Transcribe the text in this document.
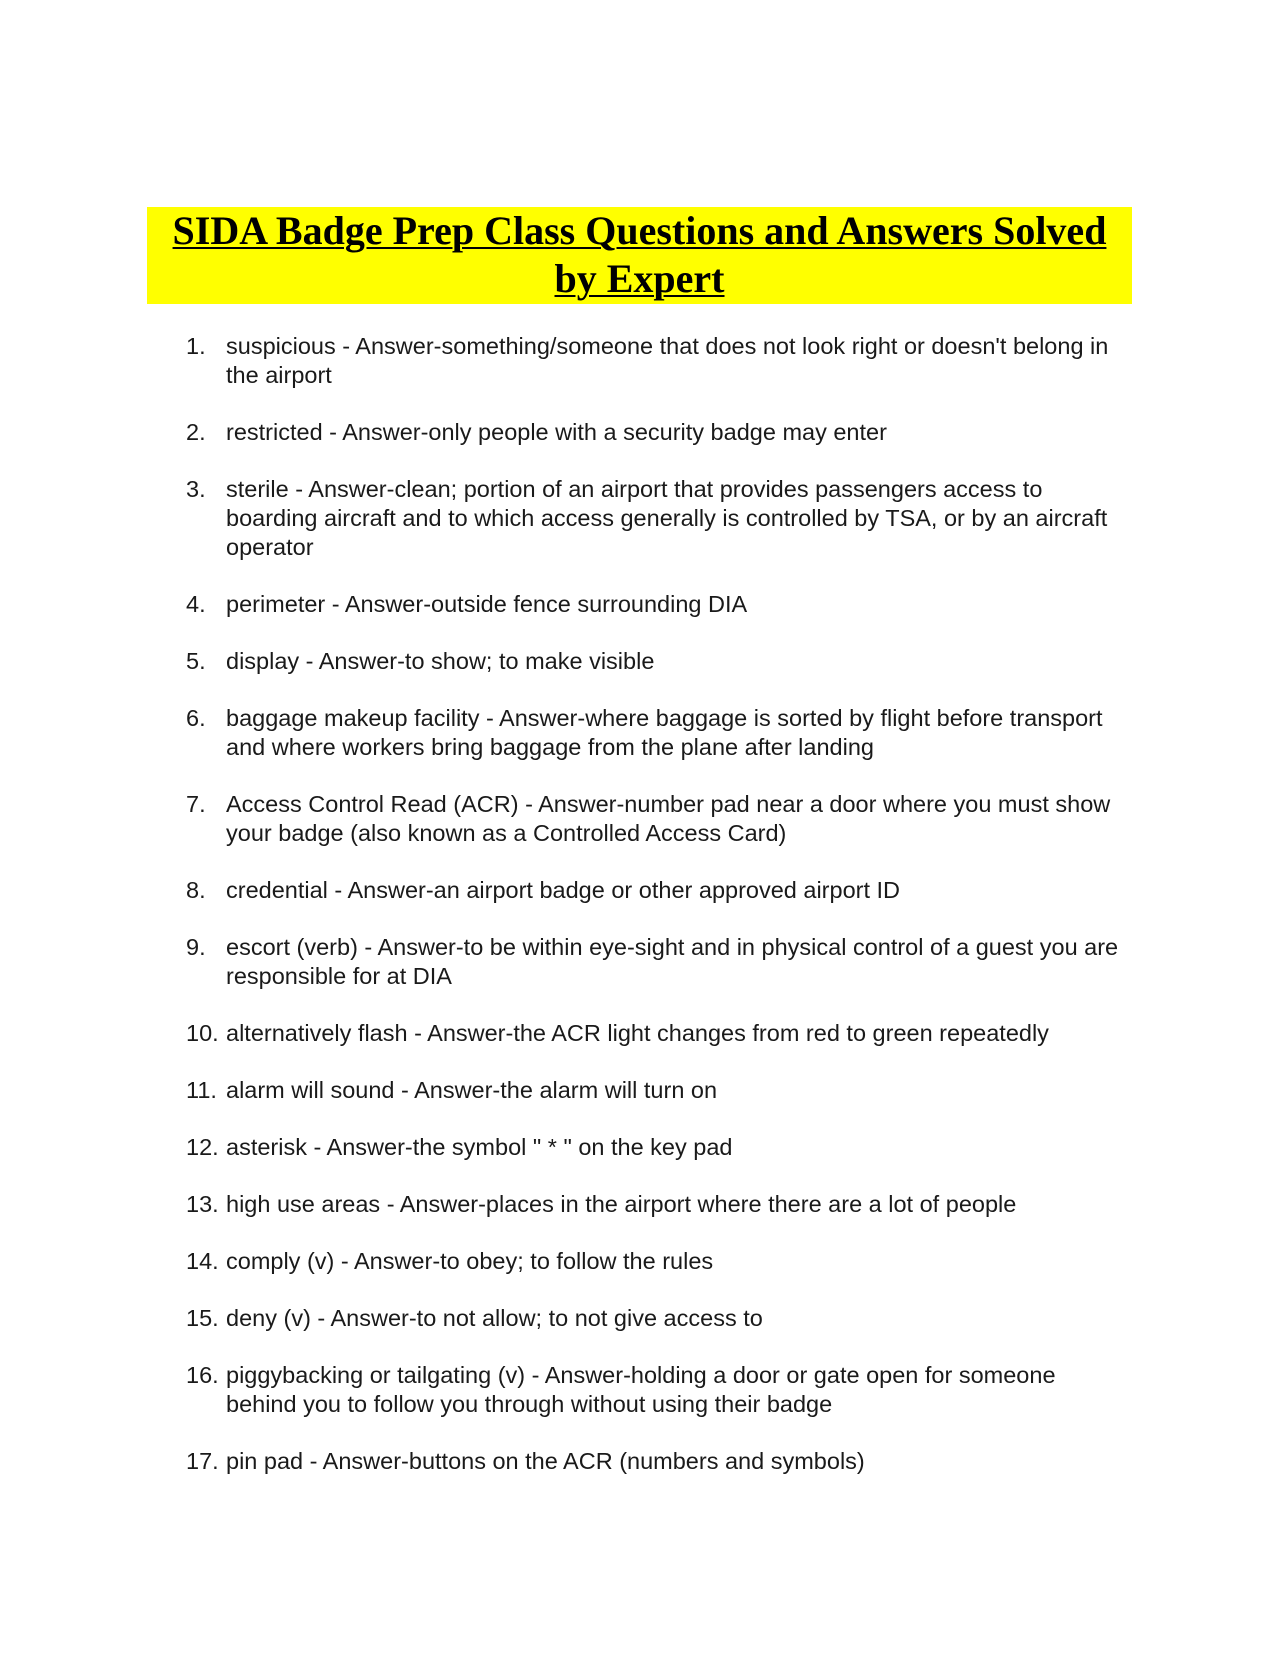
SIDA Badge Prep Class Questions and Answers Solved by Expert
1. suspicious - Answer-something/someone that does not look right or doesn't belong in the airport
2. restricted - Answer-only people with a security badge may enter
3. sterile - Answer-clean; portion of an airport that provides passengers access to boarding aircraft and to which access generally is controlled by TSA, or by an aircraft operator
4. perimeter - Answer-outside fence surrounding DIA
5. display - Answer-to show; to make visible
6. baggage makeup facility - Answer-where baggage is sorted by flight before transport and where workers bring baggage from the plane after landing
7. Access Control Read (ACR) - Answer-number pad near a door where you must show your badge (also known as a Controlled Access Card)
8. credential - Answer-an airport badge or other approved airport ID
9. escort (verb) - Answer-to be within eye-sight and in physical control of a guest you are responsible for at DIA
10. alternatively flash - Answer-the ACR light changes from red to green repeatedly
11. alarm will sound - Answer-the alarm will turn on
12. asterisk - Answer-the symbol " * " on the key pad
13. high use areas - Answer-places in the airport where there are a lot of people
14. comply (v) - Answer-to obey; to follow the rules
15. deny (v) - Answer-to not allow; to not give access to
16. piggybacking or tailgating (v) - Answer-holding a door or gate open for someone behind you to follow you through without using their badge
17. pin pad - Answer-buttons on the ACR (numbers and symbols)
